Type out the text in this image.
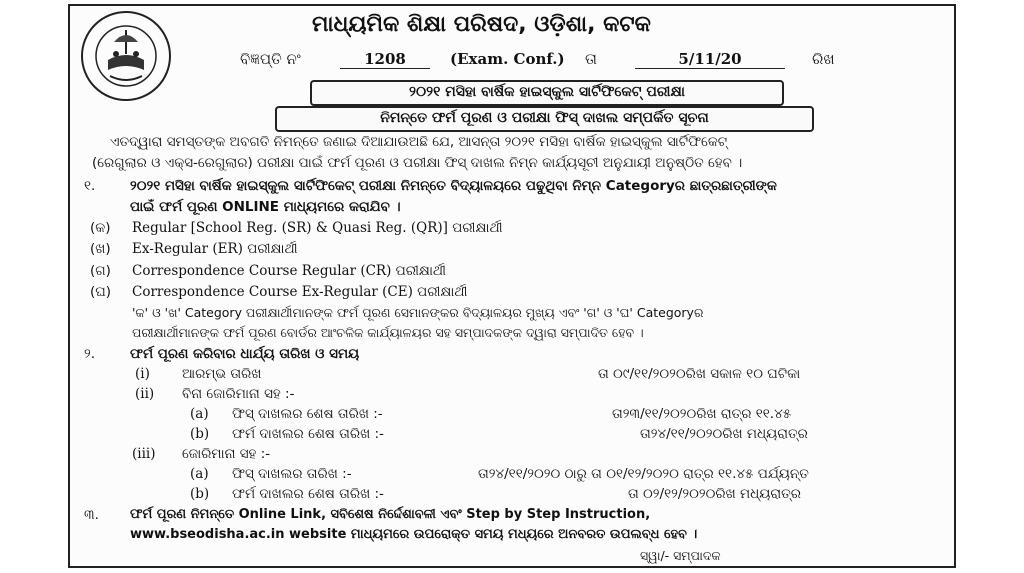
ମାଧ୍ୟମିକ ଶିକ୍ଷା ପରିଷଦ, ଓଡ଼ିଶା, କଟକ
ବିଜ୍ଞପ୍ତି ନଂ	1208	(Exam. Conf.) ତା	5/11/20	ରିଖ
୨୦୨୧ ମସିହା ବାର୍ଷିକ ହାଇସ୍କୁଲ ସାର୍ଟିଫିକେଟ୍ ପରୀକ୍ଷା
ନିମନ୍ତେ ଫର୍ମ ପୂରଣ ଓ ପରୀକ୍ଷା ଫିସ୍ ଦାଖଲ ସମ୍ପର୍କିତ ସୂଚନା
ଏତଦ୍ୱାରା ସମସ୍ତଙ୍କ ଅବଗତି ନିମନ୍ତେ ଜଣାଇ ଦିଆଯାଉଅଛି ଯେ, ଆସନ୍ତା ୨୦୨୧ ମସିହା ବାର୍ଷିକ ହାଇସ୍କୁଲ ସାର୍ଟିଫିକେଟ୍
(ରେଗୁଲାର ଓ ଏକ୍ସ-ରେଗୁଲାର) ପରୀକ୍ଷା ପାଇଁ ଫର୍ମ ପୂରଣ ଓ ପରୀକ୍ଷା ଫିସ୍ ଦାଖଲ ନିମ୍ନ କାର୍ଯ୍ୟସୂଚୀ ଅନୁଯାୟୀ ଅନୁଷ୍ଠିତ ହେବ ।
୧.	୨୦୨୧ ମସିହା ବାର୍ଷିକ ହାଇସ୍କୁଲ ସାର୍ଟିଫିକେଟ୍ ପରୀକ୍ଷା ନିମନ୍ତେ ବିଦ୍ୟାଳୟରେ ପଢୁଥିବା ନିମ୍ନ Categoryର ଛାତ୍ରଛାତ୍ରୀଙ୍କ
ପାଇଁ ଫର୍ମ ପୂରଣ ONLINE ମାଧ୍ୟମରେ କରାଯିବ ।
(କ) Regular [School Reg. (SR) & Quasi Reg. (QR)] ପରୀକ୍ଷାର୍ଥୀ
(ଖ) Ex-Regular (ER) ପରୀକ୍ଷାର୍ଥୀ
(ଗ) Correspondence Course Regular (CR) ପରୀକ୍ଷାର୍ଥୀ
(ଘ) Correspondence Course Ex-Regular (CE) ପରୀକ୍ଷାର୍ଥୀ
'କ' ଓ 'ଖ' Category ପରୀକ୍ଷାର୍ଥୀମାନଙ୍କ ଫର୍ମ ପୂରଣ ସେମାନଙ୍କର ବିଦ୍ୟାଳୟର ମୁଖ୍ୟ ଏବଂ 'ଗ' ଓ 'ଘ' Categoryର
ପରୀକ୍ଷାର୍ଥୀମାନଙ୍କ ଫର୍ମ ପୂରଣ ବୋର୍ଡର ଆଂଚଳିକ କାର୍ଯ୍ୟାଳୟର ସହ ସମ୍ପାଦକଙ୍କ ଦ୍ୱାରା ସମ୍ପାଦିତ ହେବ ।
୨.	ଫର୍ମ ପୂରଣ କରିବାର ଧାର୍ଯ୍ୟ ତାରିଖ ଓ ସମୟ
(i) ଆରମ୍ଭ ତାରିଖ	ତା ୦୯/୧୧/୨୦୨୦ରିଖ ସକାଳ ୧୦ ଘଟିକା
(ii) ବିନା ଜୋରିମାନା ସହ :-
(a) ଫିସ୍ ଦାଖଲର ଶେଷ ତାରିଖ :-	ତା୨୩/୧୧/୨୦୨୦ରିଖ ରାତ୍ର ୧୧.୪୫
(b) ଫର୍ମ ଦାଖଲର ଶେଷ ତାରିଖ :-	ତା୨୪/୧୧/୨୦୨୦ରିଖ ମଧ୍ୟରାତ୍ର
(iii) ଜୋରିମାନା ସହ :-
(a) ଫିସ୍ ଦାଖଲର ତାରିଖ :-	ତା୨୪/୧୧/୨୦୨୦ ଠାରୁ ତା ୦୧/୧୨/୨୦୨୦ ରାତ୍ର ୧୧.୪୫ ପର୍ଯ୍ୟନ୍ତ
(b) ଫର୍ମ ଦାଖଲର ଶେଷ ତାରିଖ :-	ତା ୦୨/୧୨/୨୦୨୦ରିଖ ମଧ୍ୟରାତ୍ର
୩. ଫର୍ମ ପୂରଣ ନିମନ୍ତେ Online Link, ସବିଶେଷ ନିର୍ଦ୍ଦେଶାବଳୀ ଏବଂ Step by Step Instruction,
www.bseodisha.ac.in website ମାଧ୍ୟମରେ ଉପରୋକ୍ତ ସମୟ ମଧ୍ୟରେ ଅନବରତ ଉପଲବ୍ଧ ହେବ ।
ସ୍ୱା/- ସମ୍ପାଦକ
